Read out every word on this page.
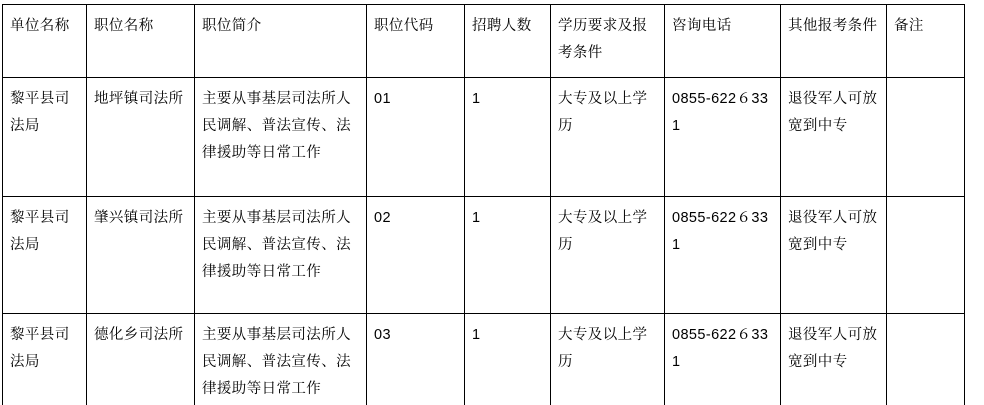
单位名称	职位名称	职位简介	职位代码	招聘人数	学历要求及报考条件	咨询电话	其他报考条件	备注
黎平县司法局	地坪镇司法所	主要从事基层司法所人民调解、普法宣传、法律援助等日常工作	01	1	大专及以上学历	0855-622６331	退役军人可放宽到中专	
黎平县司法局	肇兴镇司法所	主要从事基层司法所人民调解、普法宣传、法律援助等日常工作	02	1	大专及以上学历	0855-622６331	退役军人可放宽到中专	
黎平县司法局	德化乡司法所	主要从事基层司法所人民调解、普法宣传、法律援助等日常工作	03	1	大专及以上学历	0855-622６331	退役军人可放宽到中专	
